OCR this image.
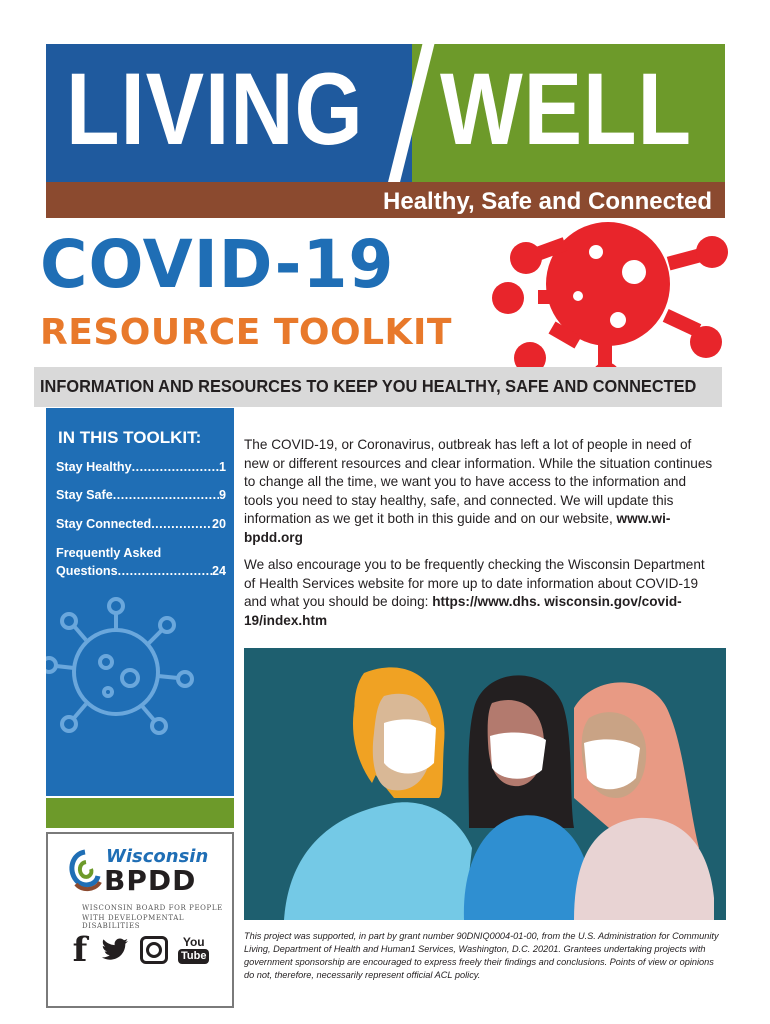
LIVING WELL
Healthy, Safe and Connected
COVID-19
RESOURCE TOOLKIT
INFORMATION AND RESOURCES TO KEEP YOU HEALTHY, SAFE AND CONNECTED
IN THIS TOOLKIT:
Stay Healthy .....	1
Stay Safe .....	9
Stay Connected .....	20
Frequently Asked
Questions .....	24
Wisconsin
BPDD
WISCONSIN BOARD FOR PEOPLE
WITH DEVELOPMENTAL DISABILITIES
f	You
Tube
The COVID-19, or Coronavirus, outbreak has left a lot of people in need of new or different resources and clear information. While the situation continues to change all the time, we want you to have access to the information and tools you need to stay healthy, safe, and connected. We will update this information as we get it both in this guide and on our website, www.wi-bpdd.org
We also encourage you to be frequently checking the Wisconsin Department of Health Services website for more up to date information about COVID-19 and what you should be doing: https://www.dhs. wisconsin.gov/covid-19/index.htm
This project was supported, in part by grant number 90DNIQ0004-01-00, from the U.S. Administration for Community Living, Department of Health and Human1 Services, Washington, D.C. 20201. Grantees undertaking projects with government sponsorship are encouraged to express freely their findings and conclusions. Points of view or opinions do not, therefore, necessarily represent official ACL policy.
